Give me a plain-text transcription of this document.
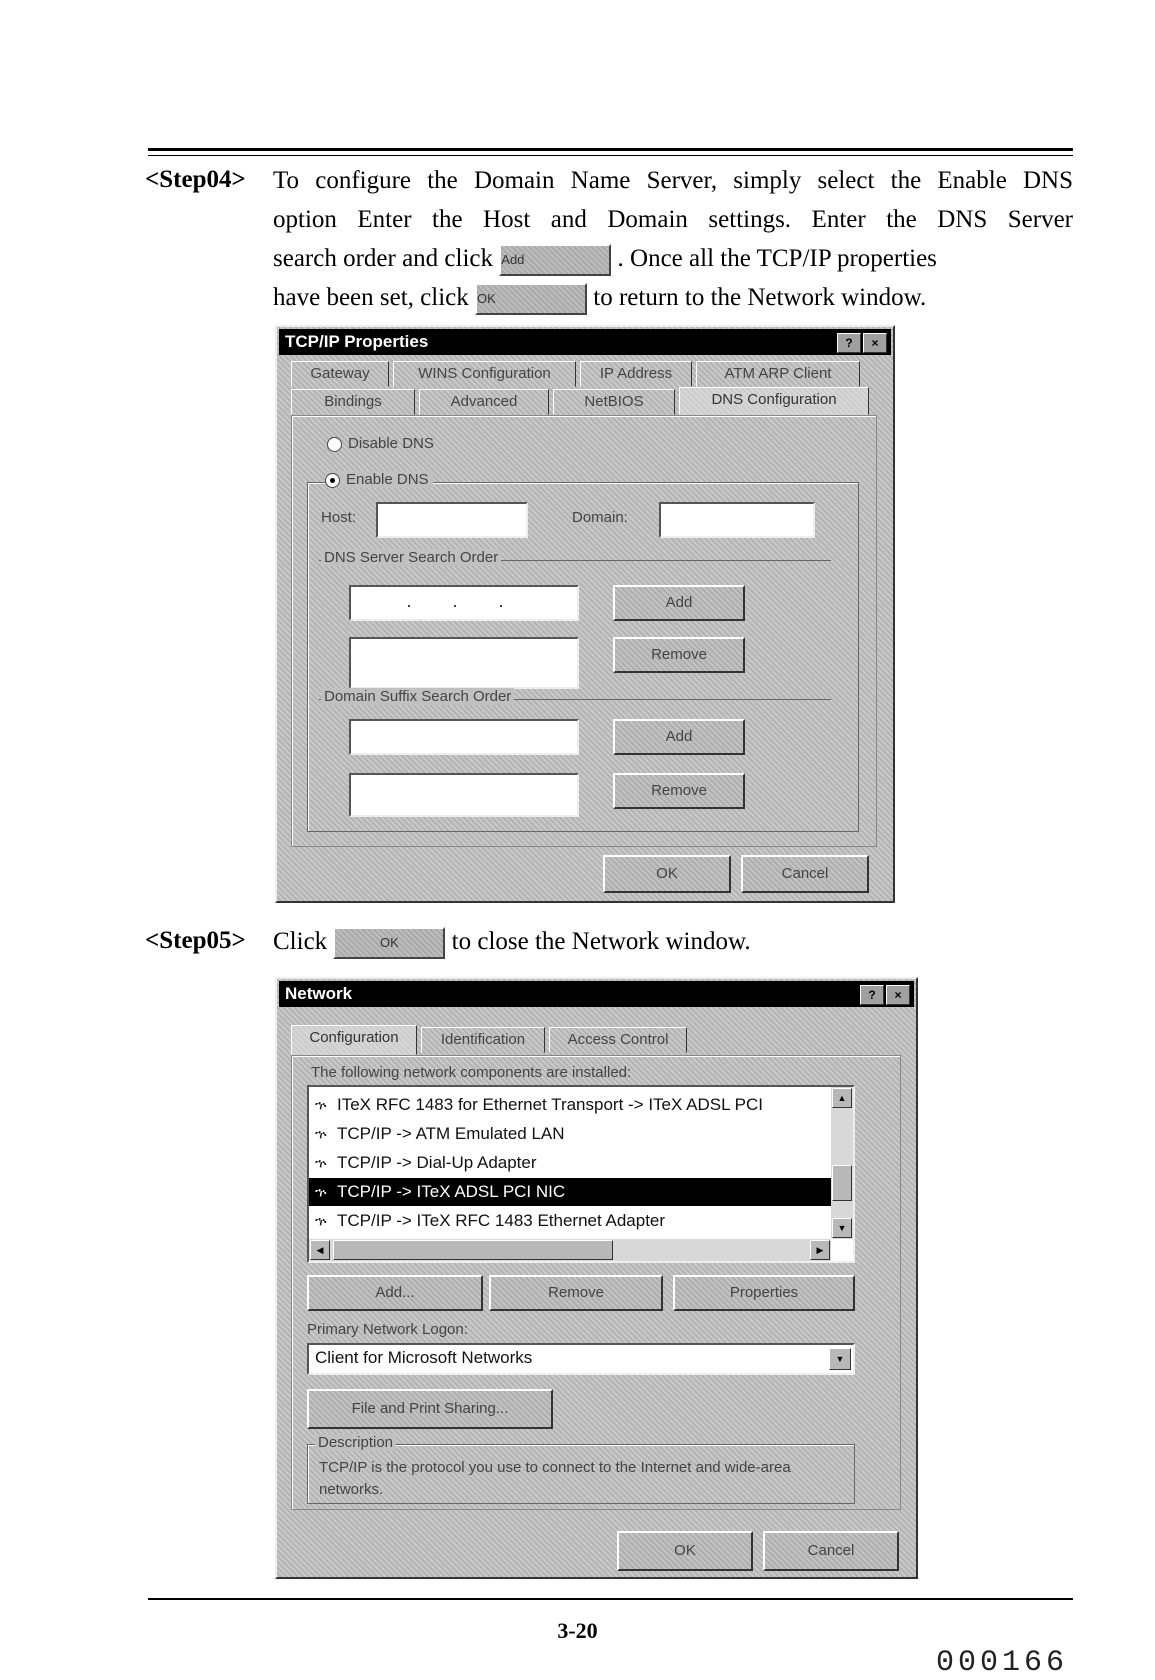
<Step04> To configure the Domain Name Server, simply select the Enable DNS
option Enter the Host and Domain settings. Enter the DNS Server
search order and click Add	. Once all the TCP/IP properties
have been set, click OK	to return to the Network window.
TCP/IP Properties	?	×
Gateway	WINS Configuration	IP Address	ATM ARP Client
Bindings	Advanced	NetBIOS	DNS Configuration
Disable DNS
Enable DNS
Host:	Domain:
DNS Server Search Order
. . .	Add
Remove
Domain Suffix Search Order
Add
Remove
OK	Cancel
<Step05> Click	OK to close the Network window.
Network	?	×
Configuration	Identification	Access Control
The following network components are installed:
ኍ ITeX RFC 1483 for Ethernet Transport -> ITeX ADSL PCI
ኍ TCP/IP -> ATM Emulated LAN
ኍ TCP/IP -> Dial-Up Adapter
ኍ TCP/IP -> ITeX ADSL PCI NIC
ኍ TCP/IP -> ITeX RFC 1483 Ethernet Adapter
▲
▼
◀	▶
Add...	Remove	Properties
Primary Network Logon:
Client for Microsoft Networks	▼
File and Print Sharing...
Description
TCP/IP is the protocol you use to connect to the Internet and wide-area networks.
OK	Cancel
3-20
000166
